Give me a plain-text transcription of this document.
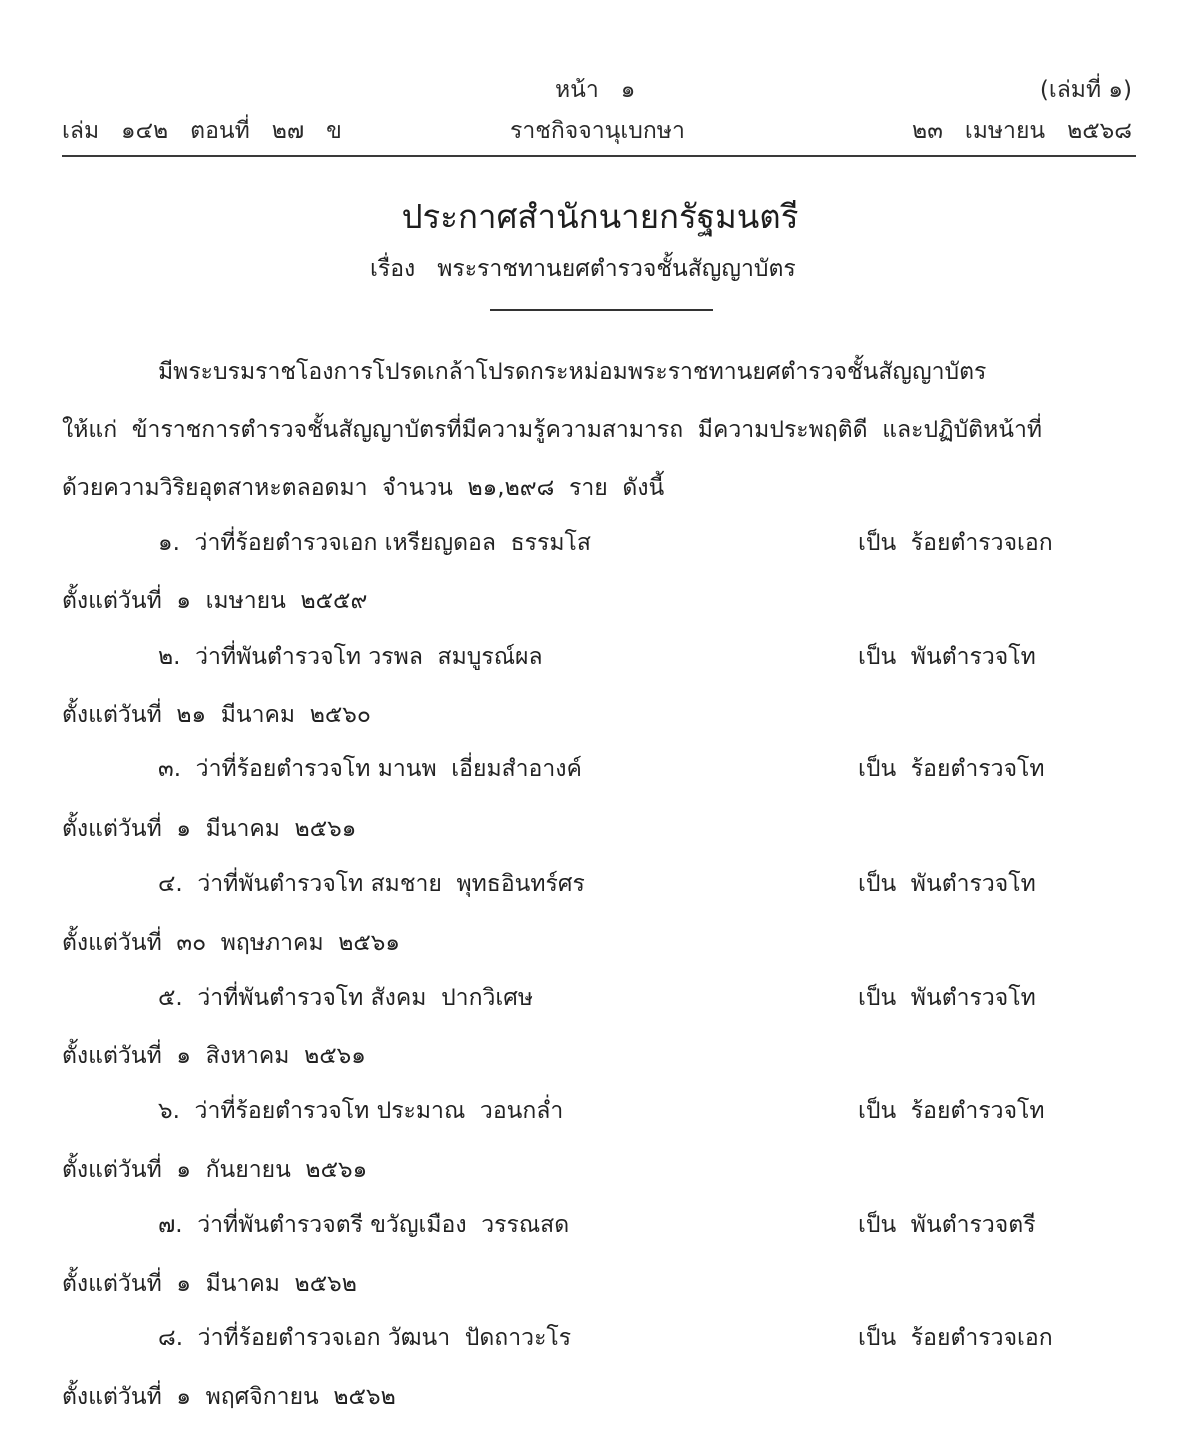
หน้า   ๑	(เล่มที่ ๑)
เล่ม   ๑๔๒   ตอนที่   ๒๗   ข	ราชกิจจานุเบกษา	๒๓   เมษายน   ๒๕๖๘
ประกาศสำนักนายกรัฐมนตรี
เรื่อง   พระราชทานยศตำรวจชั้นสัญญาบัตร
มีพระบรมราชโองการโปรดเกล้าโปรดกระหม่อมพระราชทานยศตำรวจชั้นสัญญาบัตร
ให้แก่  ข้าราชการตำรวจชั้นสัญญาบัตรที่มีความรู้ความสามารถ  มีความประพฤติดี  และปฏิบัติหน้าที่
ด้วยความวิริยอุตสาหะตลอดมา  จำนวน  ๒๑,๒๙๘  ราย  ดังนี้
๑.  ว่าที่ร้อยตำรวจเอก เหรียญดอล  ธรรมโส	เป็น  ร้อยตำรวจเอก
ตั้งแต่วันที่  ๑  เมษายน  ๒๕๕๙
๒.  ว่าที่พันตำรวจโท วรพล  สมบูรณ์ผล	เป็น  พันตำรวจโท
ตั้งแต่วันที่  ๒๑  มีนาคม  ๒๕๖๐
๓.  ว่าที่ร้อยตำรวจโท มานพ  เอี่ยมสำอางค์	เป็น  ร้อยตำรวจโท
ตั้งแต่วันที่  ๑  มีนาคม  ๒๕๖๑
๔.  ว่าที่พันตำรวจโท สมชาย  พุทธอินทร์ศร	เป็น  พันตำรวจโท
ตั้งแต่วันที่  ๓๐  พฤษภาคม  ๒๕๖๑
๕.  ว่าที่พันตำรวจโท สังคม  ปากวิเศษ	เป็น  พันตำรวจโท
ตั้งแต่วันที่  ๑  สิงหาคม  ๒๕๖๑
๖.  ว่าที่ร้อยตำรวจโท ประมาณ  วอนกล่ำ	เป็น  ร้อยตำรวจโท
ตั้งแต่วันที่  ๑  กันยายน  ๒๕๖๑
๗.  ว่าที่พันตำรวจตรี ขวัญเมือง  วรรณสด	เป็น  พันตำรวจตรี
ตั้งแต่วันที่  ๑  มีนาคม  ๒๕๖๒
๘.  ว่าที่ร้อยตำรวจเอก วัฒนา  ปัดถาวะโร	เป็น  ร้อยตำรวจเอก
ตั้งแต่วันที่  ๑  พฤศจิกายน  ๒๕๖๒
